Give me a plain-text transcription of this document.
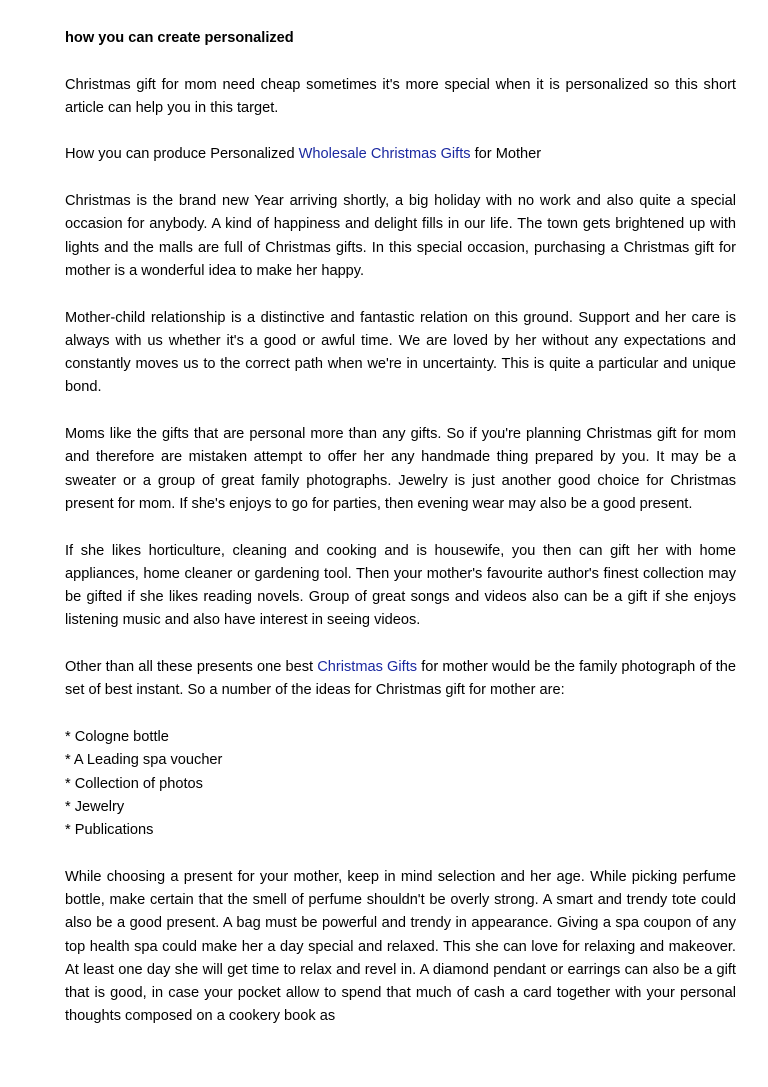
how you can create personalized

Christmas gift for mom need cheap sometimes it's more special when it is personalized so this short article can help you in this target.

How you can produce Personalized Wholesale Christmas Gifts for Mother

Christmas is the brand new Year arriving shortly, a big holiday with no work and also quite a special occasion for anybody. A kind of happiness and delight fills in our life. The town gets brightened up with lights and the malls are full of Christmas gifts. In this special occasion, purchasing a Christmas gift for mother is a wonderful idea to make her happy.

Mother-child relationship is a distinctive and fantastic relation on this ground. Support and her care is always with us whether it's a good or awful time. We are loved by her without any expectations and constantly moves us to the correct path when we're in uncertainty. This is quite a particular and unique bond.

Moms like the gifts that are personal more than any gifts. So if you're planning Christmas gift for mom and therefore are mistaken attempt to offer her any handmade thing prepared by you. It may be a sweater or a group of great family photographs. Jewelry is just another good choice for Christmas present for mom. If she's enjoys to go for parties, then evening wear may also be a good present.

If she likes horticulture, cleaning and cooking and is housewife, you then can gift her with home appliances, home cleaner or gardening tool. Then your mother's favourite author's finest collection may be gifted if she likes reading novels. Group of great songs and videos also can be a gift if she enjoys listening music and also have interest in seeing videos.

Other than all these presents one best Christmas Gifts for mother would be the family photograph of the set of best instant. So a number of the ideas for Christmas gift for mother are:

* Cologne bottle
* A Leading spa voucher
* Collection of photos
* Jewelry
* Publications

While choosing a present for your mother, keep in mind selection and her age. While picking perfume bottle, make certain that the smell of perfume shouldn't be overly strong. A smart and trendy tote could also be a good present. A bag must be powerful and trendy in appearance. Giving a spa coupon of any top health spa could make her a day special and relaxed. This she can love for relaxing and makeover. At least one day she will get time to relax and revel in. A diamond pendant or earrings can also be a gift that is good, in case your pocket allow to spend that much of cash a card together with your personal thoughts composed on a cookery book as
